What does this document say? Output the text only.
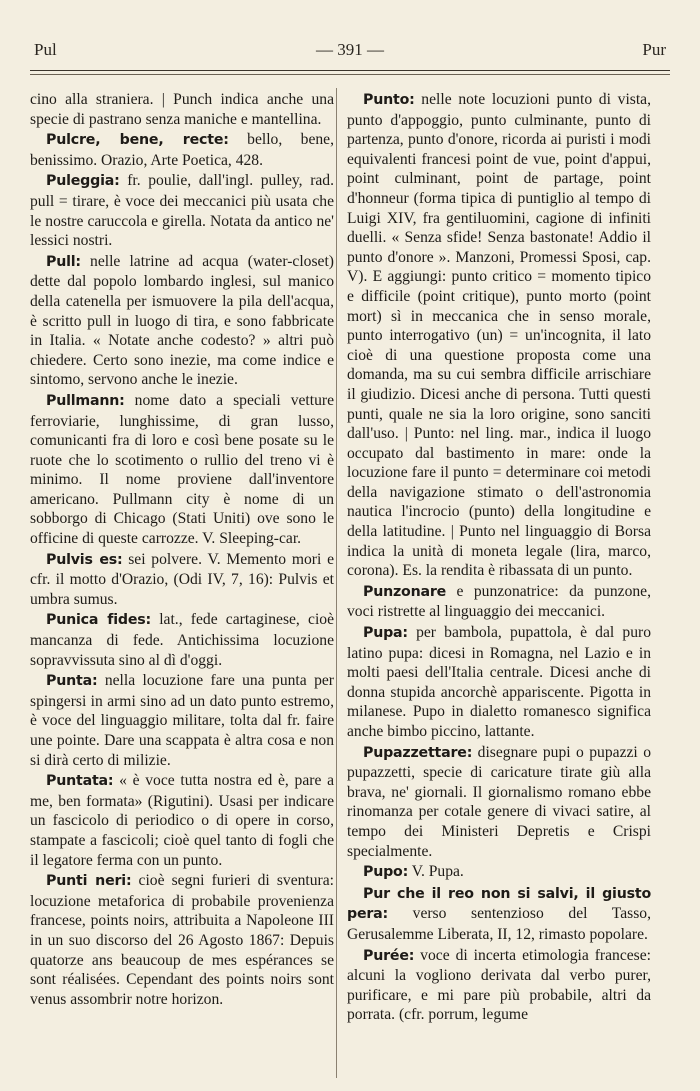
Pul	— 391 —	Pur

cino alla straniera. | Punch indica anche una specie di pastrano senza maniche e mantellina.

Pulcre, bene, recte: bello, bene, benissimo. Orazio, Arte Poetica, 428.

Puleggia: fr. poulie, dall'ingl. pulley, rad. pull = tirare, è voce dei meccanici più usata che le nostre caruccola e girella. Notata da antico ne' lessici nostri.

Pull: nelle latrine ad acqua (water-closet) dette dal popolo lombardo inglesi, sul manico della catenella per ismuovere la pila dell'acqua, è scritto pull in luogo di tira, e sono fabbricate in Italia. « Notate anche codesto? » altri può chiedere. Certo sono inezie, ma come indice e sintomo, servono anche le inezie.

Pullmann: nome dato a speciali vetture ferroviarie, lunghissime, di gran lusso, comunicanti fra di loro e così bene posate su le ruote che lo scotimento o rullio del treno vi è minimo. Il nome proviene dall'inventore americano. Pullmann city è nome di un sobborgo di Chicago (Stati Uniti) ove sono le officine di queste carrozze. V. Sleeping-car.

Pulvis es: sei polvere. V. Memento mori e cfr. il motto d'Orazio, (Odi IV, 7, 16): Pulvis et umbra sumus.

Punica fides: lat., fede cartaginese, cioè mancanza di fede. Antichissima locuzione sopravvissuta sino al dì d'oggi.

Punta: nella locuzione fare una punta per spingersi in armi sino ad un dato punto estremo, è voce del linguaggio militare, tolta dal fr. faire une pointe. Dare una scappata è altra cosa e non si dirà certo di milizie.

Puntata: « è voce tutta nostra ed è, pare a me, ben formata» (Rigutini). Usasi per indicare un fascicolo di periodico o di opere in corso, stampate a fascicoli; cioè quel tanto di fogli che il legatore ferma con un punto.

Punti neri: cioè segni furieri di sventura: locuzione metaforica di probabile provenienza francese, points noirs, attribuita a Napoleone III in un suo discorso del 26 Agosto 1867: Depuis quatorze ans beaucoup de mes espérances se sont réalisées. Cependant des points noirs sont venus assombrir notre horizon.

Punto: nelle note locuzioni punto di vista, punto d'appoggio, punto culminante, punto di partenza, punto d'onore, ricorda ai puristi i modi equivalenti francesi point de vue, point d'appui, point culminant, point de partage, point d'honneur (forma tipica di puntiglio al tempo di Luigi XIV, fra gentiluomini, cagione di infiniti duelli. « Senza sfide! Senza bastonate! Addio il punto d'onore ». Manzoni, Promessi Sposi, cap. V). E aggiungi: punto critico = momento tipico e difficile (point critique), punto morto (point mort) sì in meccanica che in senso morale, punto interrogativo (un) = un'incognita, il lato cioè di una questione proposta come una domanda, ma su cui sembra difficile arrischiare il giudizio. Dicesi anche di persona. Tutti questi punti, quale ne sia la loro origine, sono sanciti dall'uso. | Punto: nel ling. mar., indica il luogo occupato dal bastimento in mare: onde la locuzione fare il punto = determinare coi metodi della navigazione stimato o dell'astronomia nautica l'incrocio (punto) della longitudine e della latitudine. | Punto nel linguaggio di Borsa indica la unità di moneta legale (lira, marco, corona). Es. la rendita è ribassata di un punto.

Punzonare e punzonatrice: da punzone, voci ristrette al linguaggio dei meccanici.

Pupa: per bambola, pupattola, è dal puro latino pupa: dicesi in Romagna, nel Lazio e in molti paesi dell'Italia centrale. Dicesi anche di donna stupida ancorchè appariscente. Pigotta in milanese. Pupo in dialetto romanesco significa anche bimbo piccino, lattante.

Pupazzettare: disegnare pupi o pupazzi o pupazzetti, specie di caricature tirate giù alla brava, ne' giornali. Il giornalismo romano ebbe rinomanza per cotale genere di vivaci satire, al tempo dei Ministeri Depretis e Crispi specialmente.

Pupo: V. Pupa.

Pur che il reo non si salvi, il giusto pera: verso sentenzioso del Tasso, Gerusalemme Liberata, II, 12, rimasto popolare.

Purée: voce di incerta etimologia francese: alcuni la vogliono derivata dal verbo purer, purificare, e mi pare più probabile, altri da porrata. (cfr. porrum, legume
